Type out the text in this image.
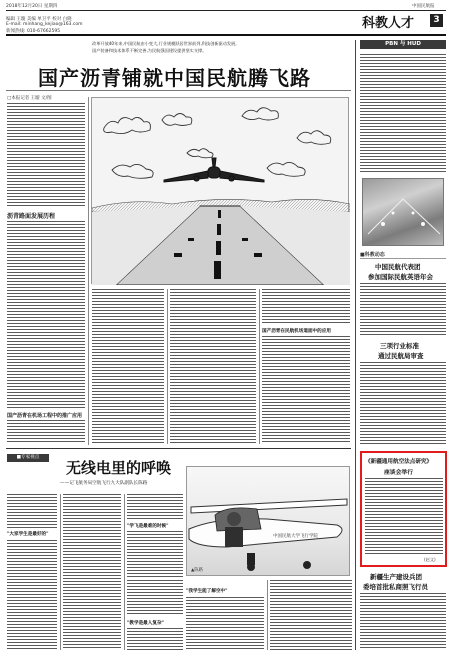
2018年12月20日 星期四	中国民航报
编辑 王璇 美编 单卫平 校对 白晓
E-mail: minhang_kejiao@163.com
新闻热线: 010-67662595
科教人才	3
改革开放40年来,中国民航由小变大,行业规模跃居世界前列,科技创新驱动发展,
国产装备和技术体系不断完善,为民航强国建设提供坚实支撑。
国产沥青铺就中国民航腾飞路
□本报记者 王璇 文/图
沥青路面发展历程
国产沥青在机场工程中的推广应用
国产沥青在民航机场道面中的应用
PBN 与 HUD
■科教动态
中国民航代表团
参加国际民航英语年会
三项行业标准
通过民航局审查
《新疆通用航空法点研究》
座谈会举行
(赵文)
新疆生产建设兵团
委培首批私商照飞行员
■专家视点
无线电里的呼唤
——记飞航务局空航飞行九大队副队长陈路
"大家学生是最好的"
"学飞是最难的时候"
"我学生能了解空中"
"教学是最人复杂"
中国民航大学飞行学院
▲陈路
